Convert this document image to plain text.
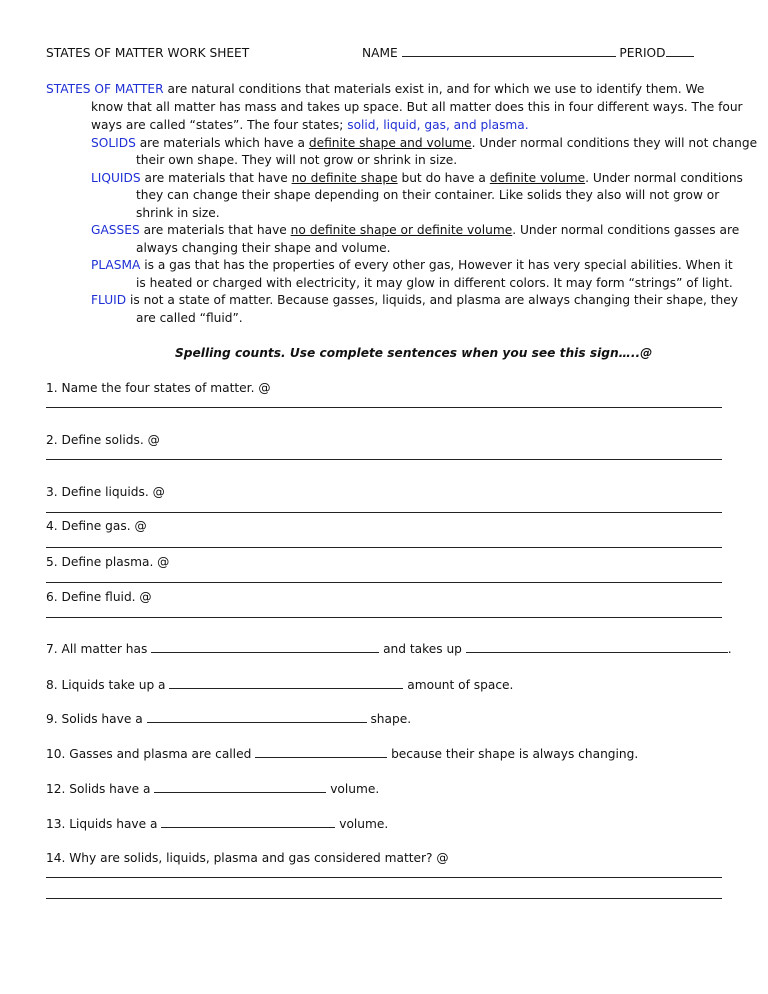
STATES OF MATTER WORK SHEET	NAME	PERIOD
STATES OF MATTER are natural conditions that materials exist in, and for which we use to identify them. We
know that all matter has mass and takes up space. But all matter does this in four different ways. The four
ways are called “states”. The four states; solid, liquid, gas, and plasma.
SOLIDS are materials which have a definite shape and volume. Under normal conditions they will not change
their own shape. They will not grow or shrink in size.
LIQUIDS are materials that have no definite shape but do have a definite volume. Under normal conditions
they can change their shape depending on their container. Like solids they also will not grow or
shrink in size.
GASSES are materials that have no definite shape or definite volume. Under normal conditions gasses are
always changing their shape and volume.
PLASMA is a gas that has the properties of every other gas, However it has very special abilities. When it
is heated or charged with electricity, it may glow in different colors. It may form “strings” of light.
FLUID is not a state of matter. Because gasses, liquids, and plasma are always changing their shape, they
are called “fluid”.
Spelling counts. Use complete sentences when you see this sign…..@
1. Name the four states of matter. @
2. Define solids. @
3. Define liquids. @
4. Define gas. @
5. Define plasma. @
6. Define fluid. @
7. All matter has	and takes up	.
8. Liquids take up a	amount of space.
9. Solids have a	shape.
10. Gasses and plasma are called	because their shape is always changing.
12. Solids have a	volume.
13. Liquids have a	volume.
14. Why are solids, liquids, plasma and gas considered matter? @
